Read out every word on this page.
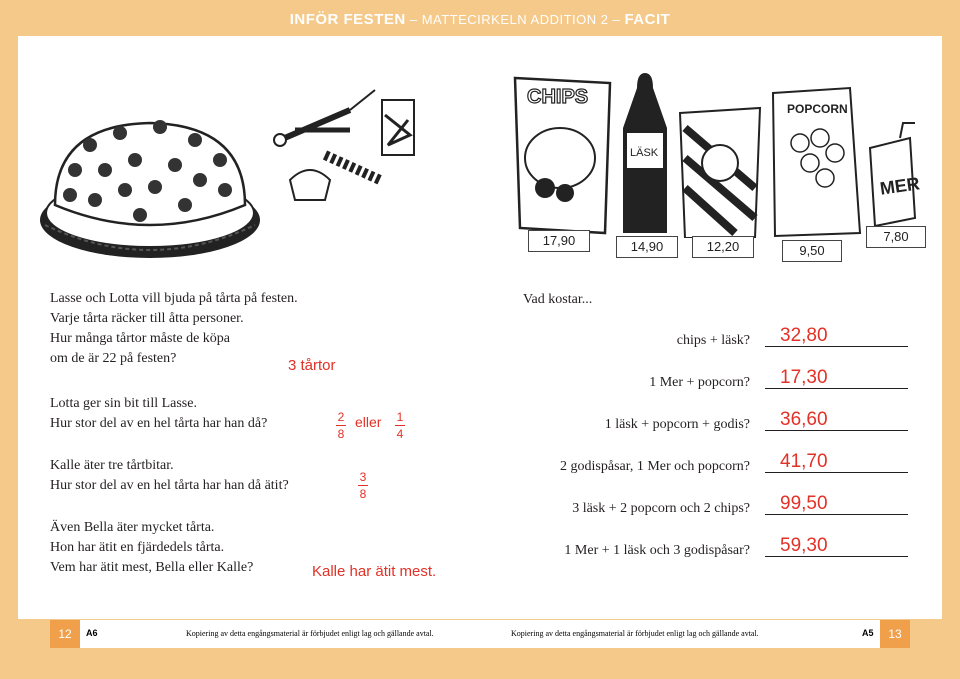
INFÖR FESTEN – MATTECIRKELN ADDITION 2 – FACIT
CHIPS
LÄSK
POPCORN
MER
17,90	14,90	12,20	9,50
7,80
Lasse och Lotta vill bjuda på tårta på festen.
Varje tårta räcker till åtta personer.
Hur många tårtor måste de köpa
om de är 22 på festen?	3 tårtor
Lotta ger sin bit till Lasse.
Hur stor del av en hel tårta har han då?	2
8
eller	1
4
Kalle äter tre tårtbitar.
Hur stor del av en hel tårta har han då ätit?
3
8
Även Bella äter mycket tårta.
Hon har ätit en fjärdedels tårta.
Vem har ätit mest, Bella eller Kalle?	Kalle har ätit mest.
Vad kostar...
chips + läsk? 32,80
1 Mer + popcorn? 17,30
1 läsk + popcorn + godis? 36,60
2 godispåsar, 1 Mer och popcorn? 41,70
3 läsk + 2 popcorn och 2 chips? 99,50
1 Mer + 1 läsk och 3 godispåsar? 59,30
12	A6	Kopiering av detta engångsmaterial är förbjudet enligt lag och gällande avtal.	Kopiering av detta engångsmaterial är förbjudet enligt lag och gällande avtal.	A5	13
